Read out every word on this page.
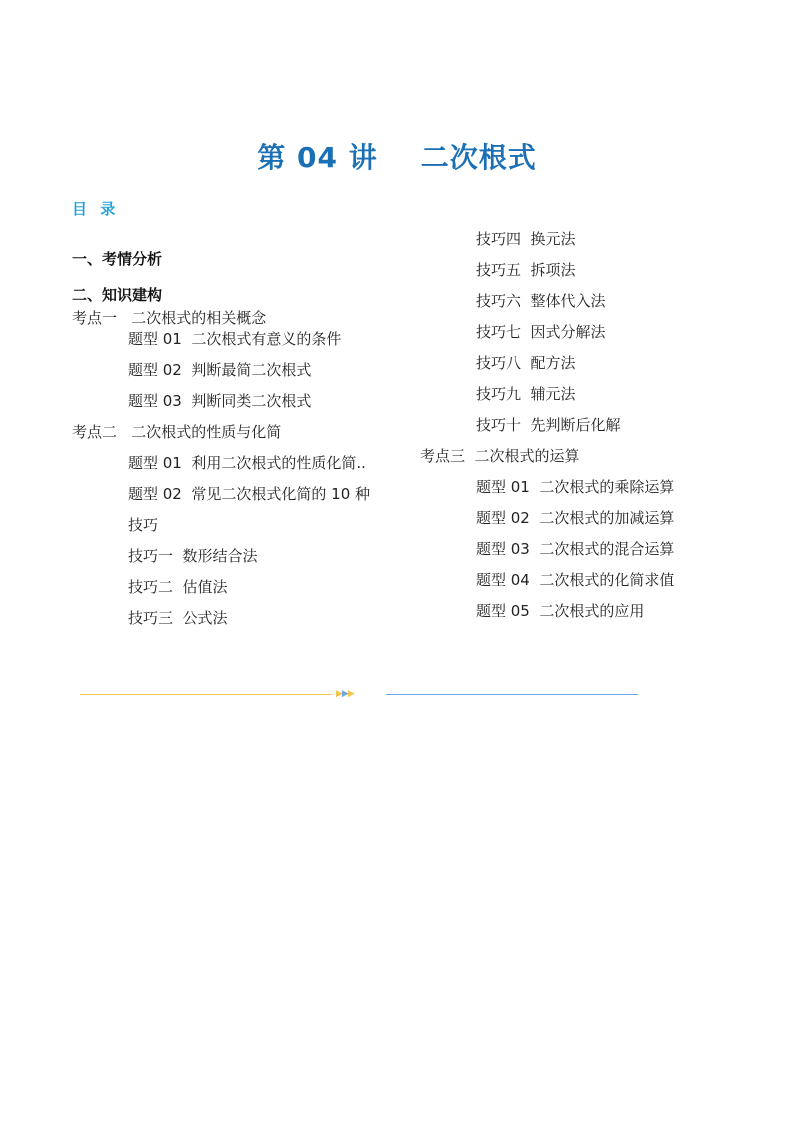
第 04 讲    二次根式
目 录
一、考情分析
二、知识建构
考点一   二次根式的相关概念
题型 01  二次根式有意义的条件
题型 02  判断最简二次根式
题型 03  判断同类二次根式
考点二   二次根式的性质与化简
题型 01  利用二次根式的性质化简..
题型 02  常见二次根式化简的 10 种
技巧
技巧一  数形结合法
技巧二  估值法
技巧三  公式法
技巧四  换元法
技巧五  拆项法
技巧六  整体代入法
技巧七  因式分解法
技巧八  配方法
技巧九  辅元法
技巧十  先判断后化解
考点三  二次根式的运算
题型 01  二次根式的乘除运算
题型 02  二次根式的加减运算
题型 03  二次根式的混合运算
题型 04  二次根式的化简求值
题型 05  二次根式的应用
▶▶▶
